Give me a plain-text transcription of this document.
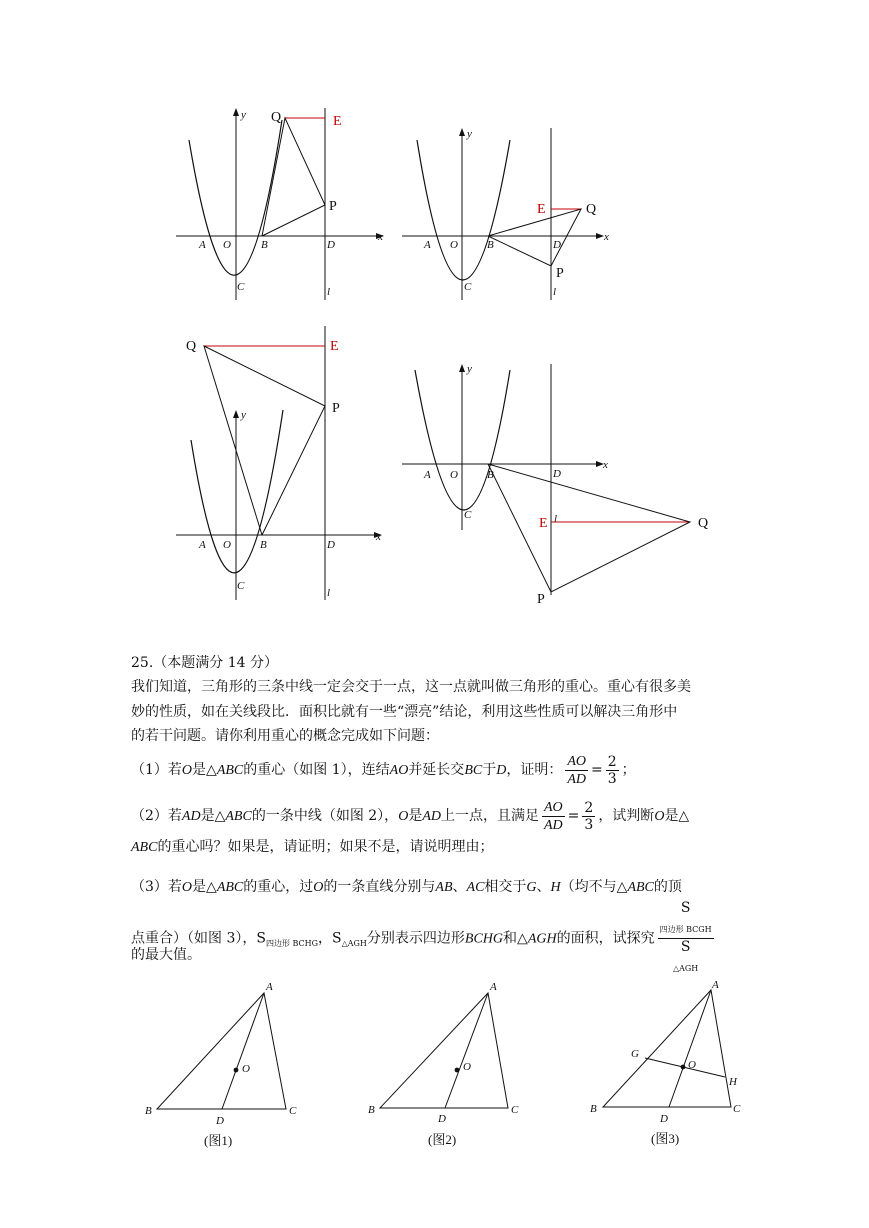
y Q	E
P
A O	B	D
x
C	l
y
E	Q
P
A O	B	D
x
C	l
y
Q	E
P
A O	B	D
x
C
l
y
E l	Q
P
A O	B	D
x
C
25.（本题满分 14 分）
我们知道，三角形的三条中线一定会交于一点，这一点就叫做三角形的重心。重心有很多美
妙的性质，如在关线段比．面积比就有一些“漂亮”结论，利用这些性质可以解决三角形中
的若干问题。请你利用重心的概念完成如下问题：
（1）若O是△ABC的重心（如图 1），连结AO并延长交BC于D，证明： $\frac{AO}{AD} = \frac{2}{3}$ ；
（2）若AD是△ABC的一条中线（如图 2），O是AD上一点，且满足 $\frac{AO}{AD} = \frac{2}{3}$ ，试判断O是△
ABC的重心吗？如果是，请证明；如果不是，请说明理由；
（3）若O是△ABC的重心，过O的一条直线分别与AB、AC相交于G、H（均不与△ABC的顶
点重合）（如图 3），$S_{四边形 BCHG}$，$S_{\triangle AGH}$分别表示四边形BCHG和△AGH的面积，试探究 S
$_{四边形 BCGH}$
S
$_{\triangle AGH}$
的最大值。
A
B	C
D
O
(图1)
A
B	C
D
O
(图2)
A
B	C
D
O
G
H
(图3)
